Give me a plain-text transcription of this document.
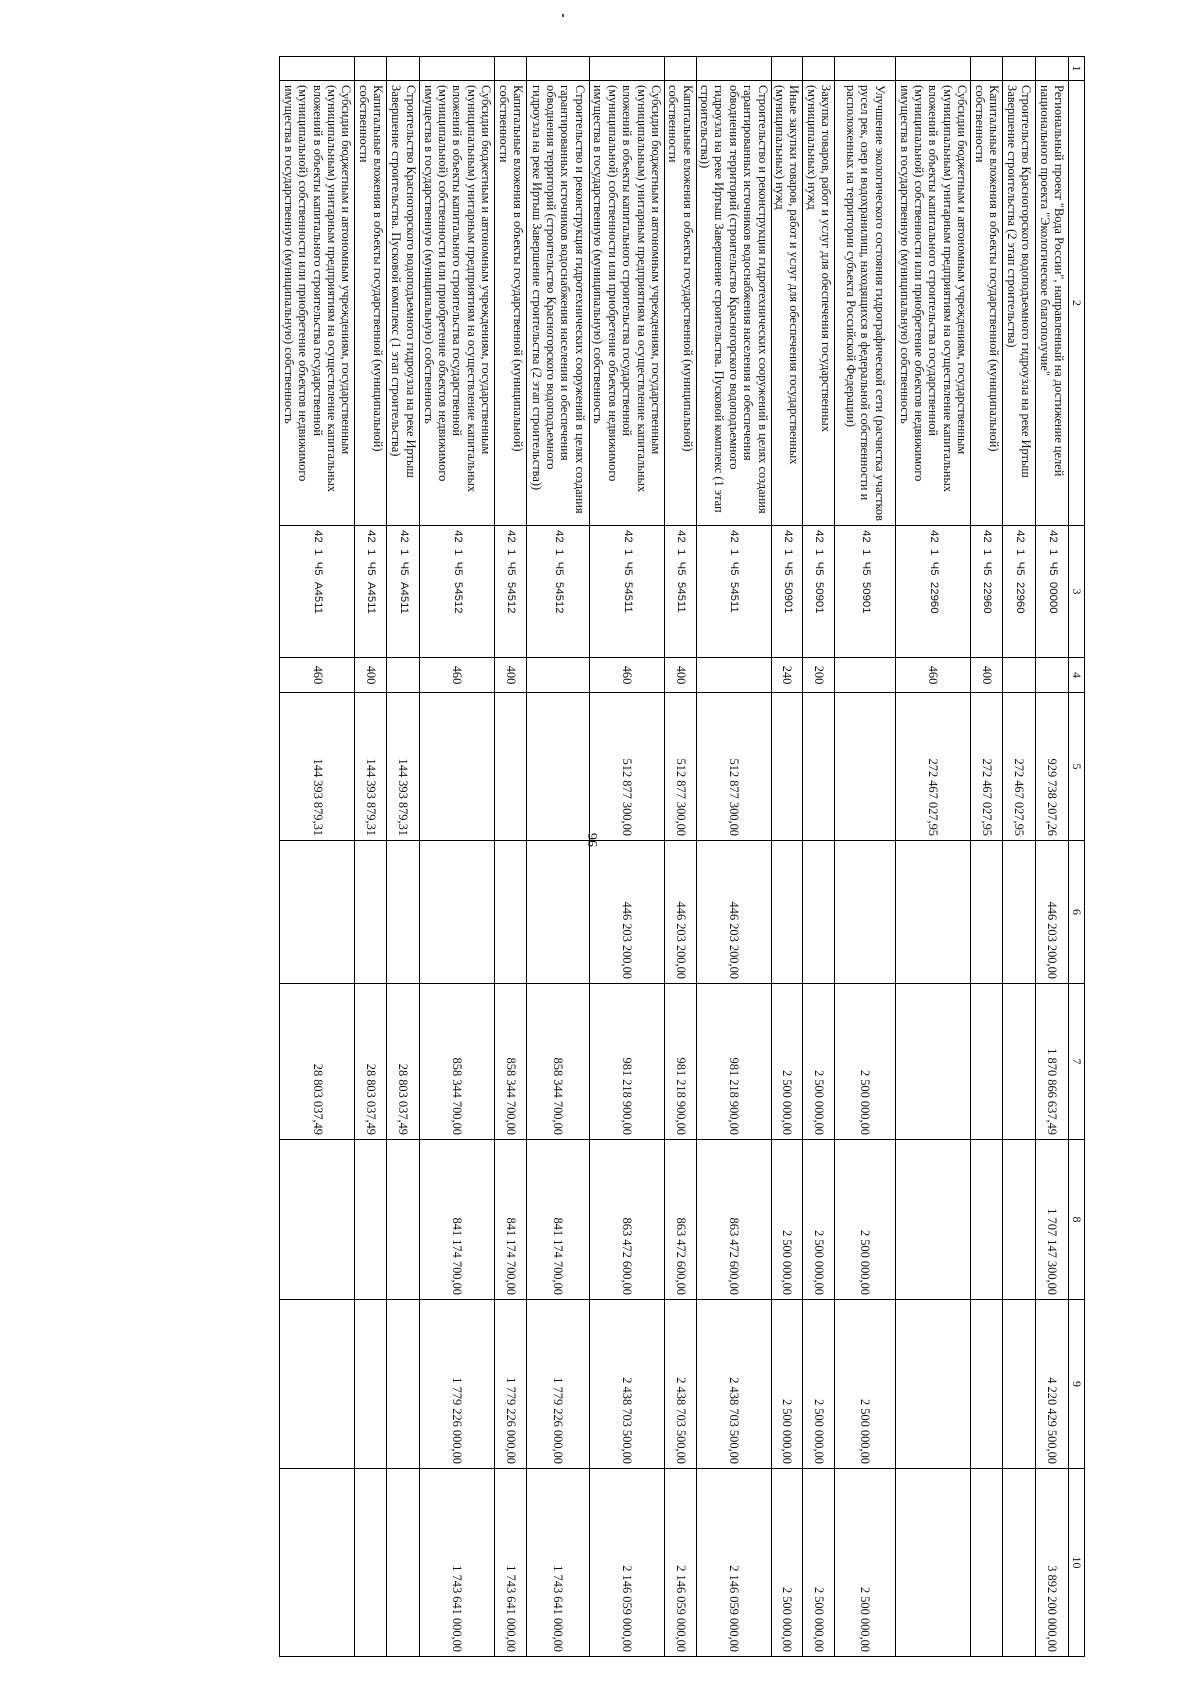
96
1	2	3	4	5	6	7	8	9	10
	Региональный проект "Вода России", направленный на достижение целей национального проекта "Экологическое благополучие"	42  1  Ч5  00000		929 738 207,26	446 203 200,00	1 870 866 637,49	1 707 147 300,00	4 220 429 500,00	3 892 200 000,00
	Строительство Красногорского водоподъемного гидроузла на реке Иртыш Завершение строительства (2 этап строительства)	42  1  Ч5  22960		272 467 027,95					
	Капитальные вложения в объекты государственной (муниципальной) собственности	42  1  Ч5  22960	400	272 467 027,95					
	Субсидии бюджетным и автономным учреждениям, государственным (муниципальным) унитарным предприятиям на осуществление капитальных вложений в объекты капитального строительства государственной (муниципальной) собственности или приобретение объектов недвижимого имущества в государственную (муниципальную) собственность	42  1  Ч5  22960	460	272 467 027,95					
	Улучшение экологического состояния гидрографической сети (расчистка участков русел рек, озер и водохранилищ, находящихся в федеральной собственности и расположенных на территории субъекта Российской Федерации)	42  1  Ч5  50901				2 500 000,00	2 500 000,00	2 500 000,00	2 500 000,00
	Закупка товаров, работ и услуг для обеспечения государственных (муниципальных) нужд	42  1  Ч5  50901	200			2 500 000,00	2 500 000,00	2 500 000,00	2 500 000,00
	Иные закупки товаров, работ и услуг для обеспечения государственных (муниципальных) нужд	42  1  Ч5  50901	240			2 500 000,00	2 500 000,00	2 500 000,00	2 500 000,00
	Строительство и реконструкция гидротехнических сооружений в целях создания гарантированных источников водоснабжения населения и обеспечения обводнения территорий (строительство Красногорского водоподъемного гидроузла на реке Иртыш Завершение строительства. Пусковой комплекс (1 этап строительства))	42  1  Ч5  54511		512 877 300,00	446 203 200,00	981 218 900,00	863 472 600,00	2 438 703 500,00	2 146 059 000,00
	Капитальные вложения в объекты государственной (муниципальной) собственности	42  1  Ч5  54511	400	512 877 300,00	446 203 200,00	981 218 900,00	863 472 600,00	2 438 703 500,00	2 146 059 000,00
	Субсидии бюджетным и автономным учреждениям, государственным (муниципальным) унитарным предприятиям на осуществление капитальных вложений в объекты капитального строительства государственной (муниципальной) собственности или приобретение объектов недвижимого имущества в государственную (муниципальную) собственность	42  1  Ч5  54511	460	512 877 300,00	446 203 200,00	981 218 900,00	863 472 600,00	2 438 703 500,00	2 146 059 000,00
	Строительство и реконструкция гидротехнических сооружений в целях создания гарантированных источников водоснабжения населения и обеспечения обводнения территорий (строительство Красногорского водоподъемного гидроузла на реке Иртыш Завершение строительства (2 этап строительства))	42  1  Ч5  54512				858 344 700,00	841 174 700,00	1 779 226 000,00	1 743 641 000,00
	Капитальные вложения в объекты государственной (муниципальной) собственности	42  1  Ч5  54512	400			858 344 700,00	841 174 700,00	1 779 226 000,00	1 743 641 000,00
	Субсидии бюджетным и автономным учреждениям, государственным (муниципальным) унитарным предприятиям на осуществление капитальных вложений в объекты капитального строительства государственной (муниципальной) собственности или приобретение объектов недвижимого имущества в государственную (муниципальную) собственность	42  1  Ч5  54512	460			858 344 700,00	841 174 700,00	1 779 226 000,00	1 743 641 000,00
	Строительство Красногорского водоподъемного гидроузла на реке Иртыш Завершение строительства. Пусковой комплекс (1 этап строительства)	42  1  Ч5  А4511		144 393 879,31		28 803 037,49			
	Капитальные вложения в объекты государственной (муниципальной) собственности	42  1  Ч5  А4511	400	144 393 879,31		28 803 037,49			
	Субсидии бюджетным и автономным учреждениям, государственным (муниципальным) унитарным предприятиям на осуществление капитальных вложений в объекты капитального строительства государственной (муниципальной) собственности или приобретение объектов недвижимого имущества в государственную (муниципальную) собственность	42  1  Ч5  А4511	460	144 393 879,31		28 803 037,49			
